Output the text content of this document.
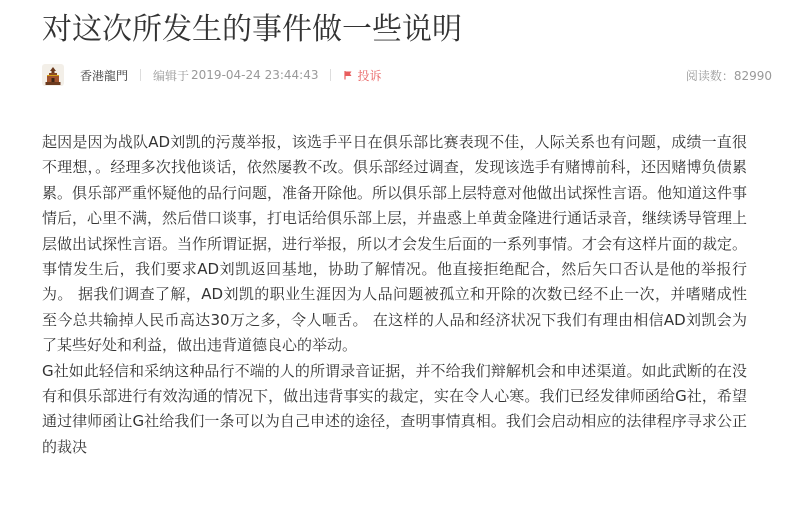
对这次所发生的事件做一些说明
香港龍門 编辑于 2019-04-24 23:44:43	投诉	阅读数：82990

起因是因为战队AD刘凯的污蔑举报，该选手平日在俱乐部比赛表现不佳，人际关系也有问题，成绩一直很不理想，。经理多次找他谈话，依然屡教不改。俱乐部经过调查，发现该选手有赌博前科，还因赌博负债累累。俱乐部严重怀疑他的品行问题，准备开除他。所以俱乐部上层特意对他做出试探性言语。他知道这件事情后，心里不满，然后借口谈事，打电话给俱乐部上层，并蛊惑上单黄金隆进行通话录音，继续诱导管理上层做出试探性言语。当作所谓证据，进行举报，所以才会发生后面的一系列事情。才会有这样片面的裁定。

事情发生后，我们要求AD刘凯返回基地，协助了解情况。他直接拒绝配合，然后矢口否认是他的举报行为。 据我们调查了解，AD刘凯的职业生涯因为人品问题被孤立和开除的次数已经不止一次，并嗜赌成性 至今总共输掉人民币高达30万之多，令人咂舌。 在这样的人品和经济状况下我们有理由相信AD刘凯会为了某些好处和利益，做出违背道德良心的举动。

G社如此轻信和采纳这种品行不端的人的所谓录音证据，并不给我们辩解机会和申述渠道。如此武断的在没有和俱乐部进行有效沟通的情况下，做出违背事实的裁定，实在令人心寒。我们已经发律师函给G社，希望通过律师函让G社给我们一条可以为自己申述的途径，查明事情真相。我们会启动相应的法律程序寻求公正的裁决
